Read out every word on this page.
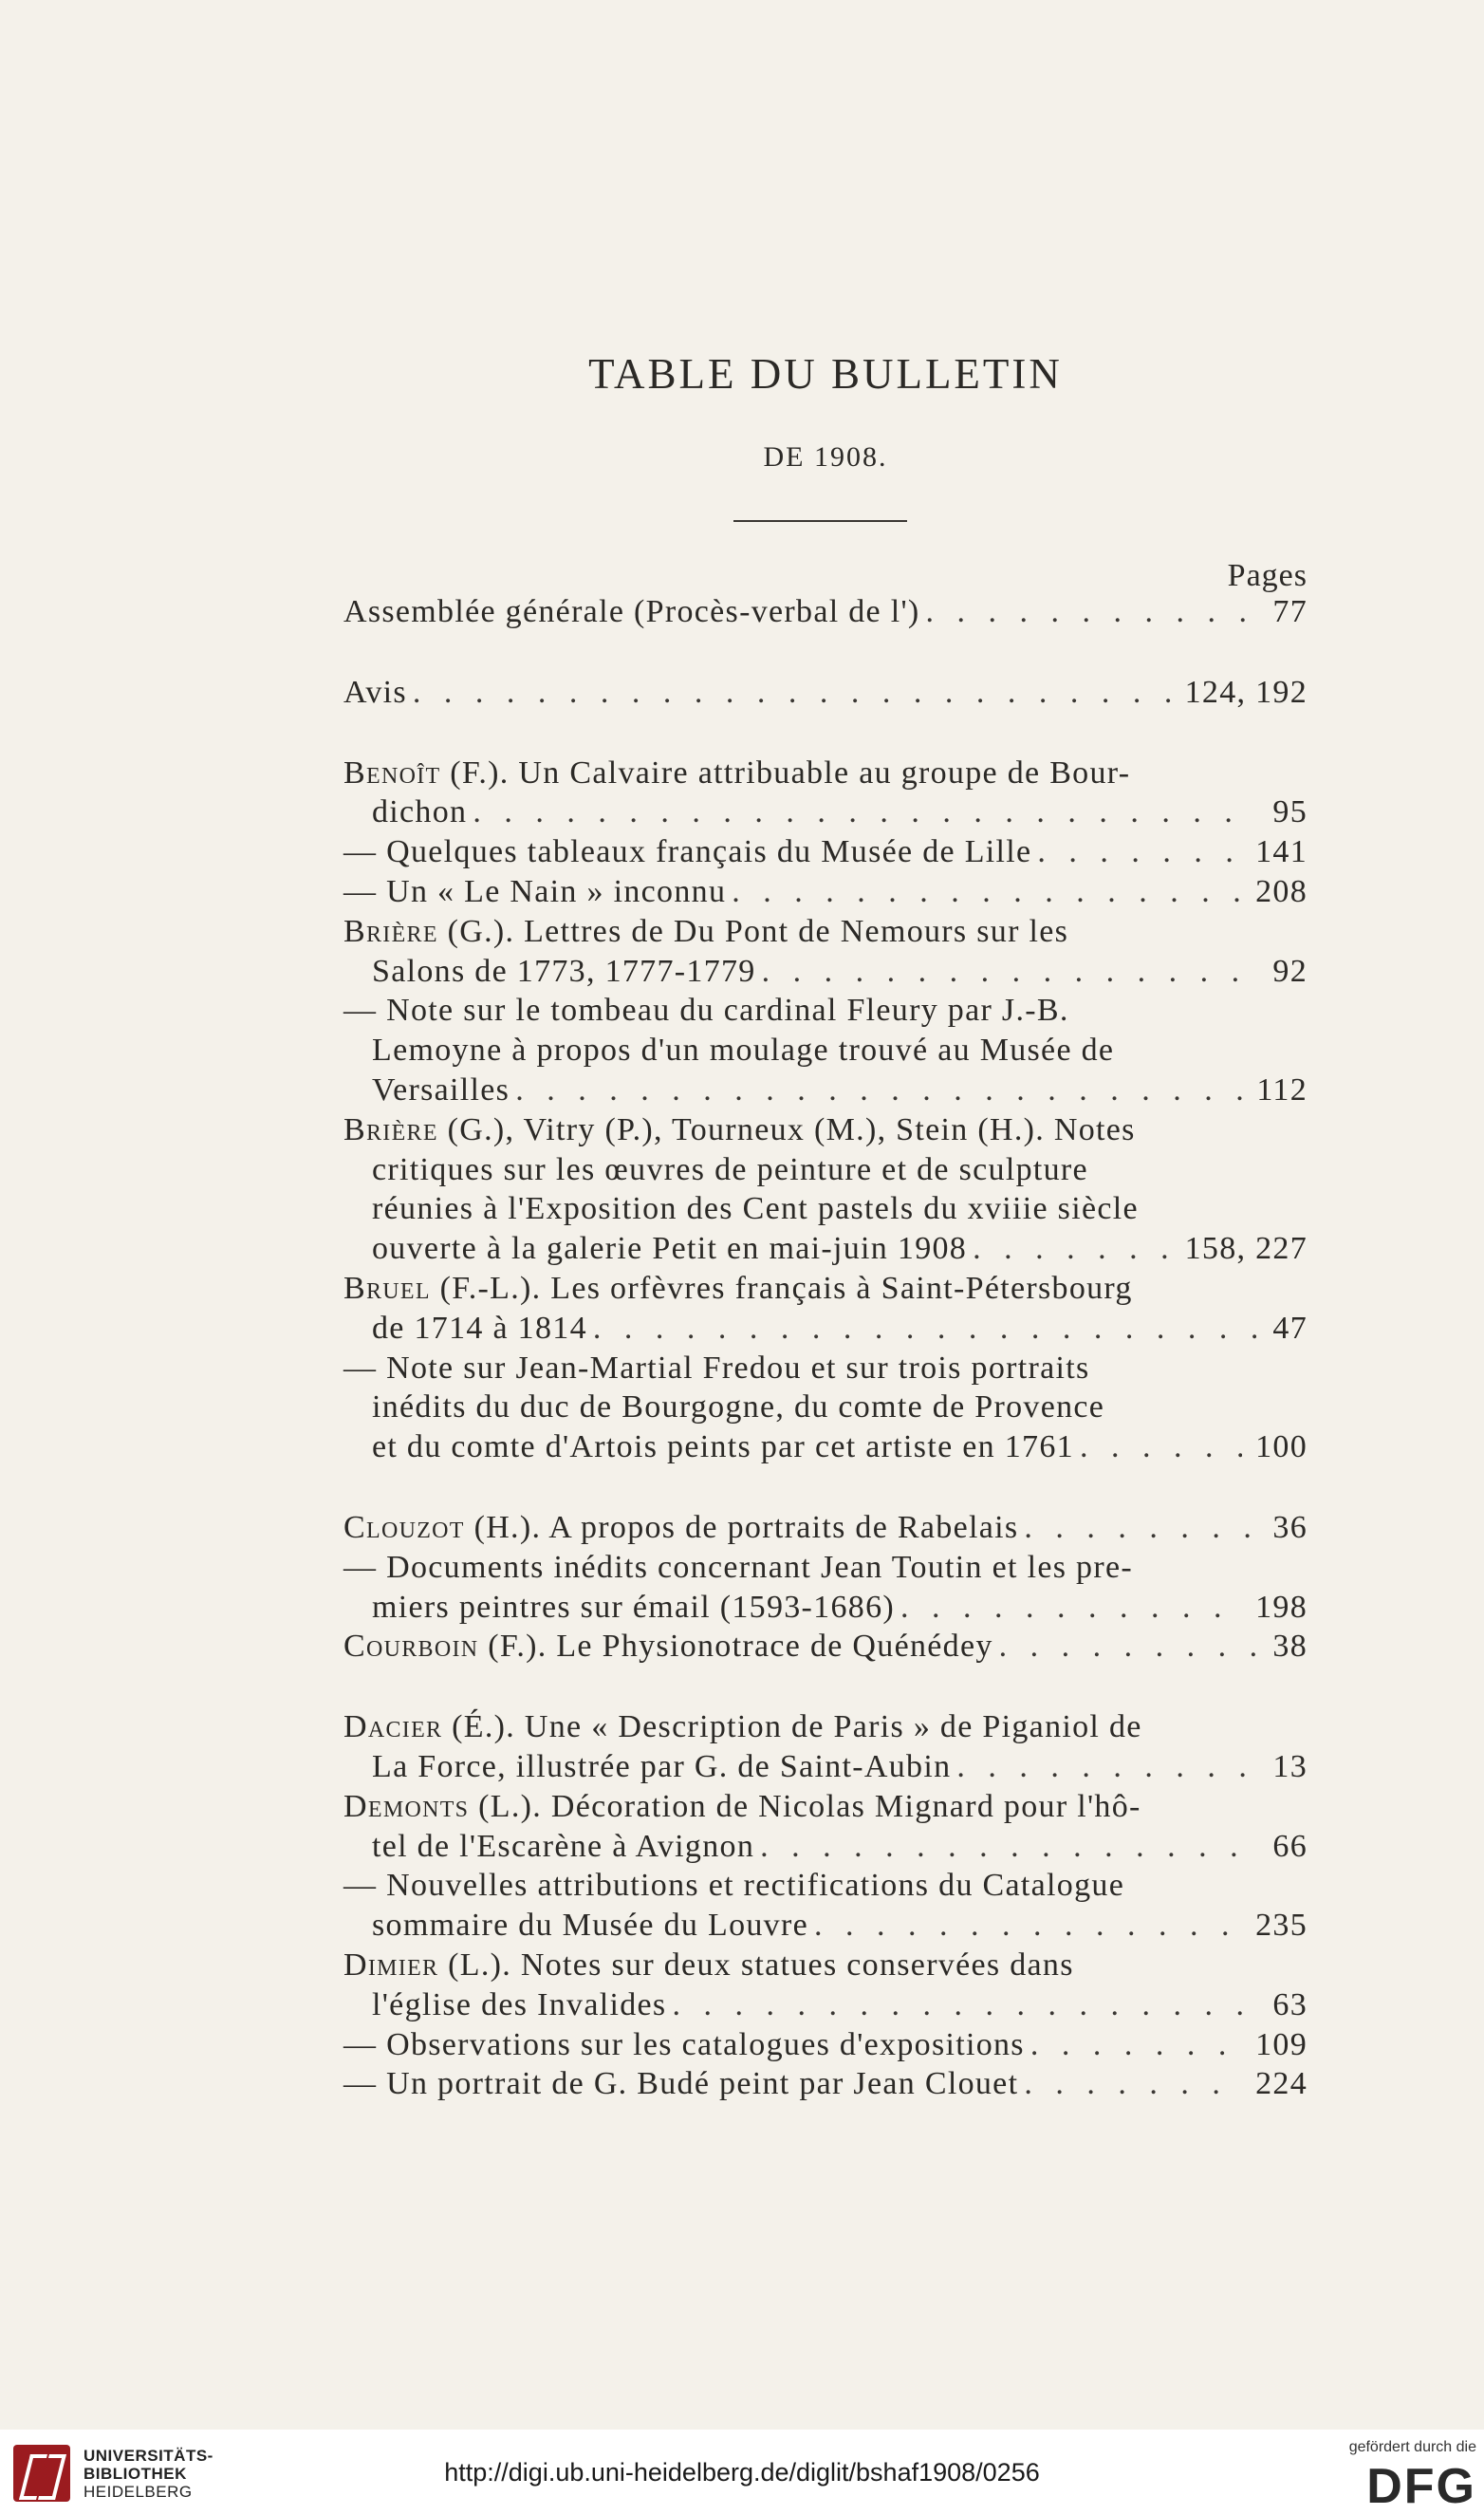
TABLE DU BULLETIN
DE 1908.
Pages
Assemblée générale (Procès-verbal de l') . . .	77
Avis . . .	124, 192
Benoît (F.). Un Calvaire attribuable au groupe de Bour-
dichon . . .	95
— Quelques tableaux français du Musée de Lille . . .	141
— Un « Le Nain » inconnu . . .	208
Brière (G.). Lettres de Du Pont de Nemours sur les
Salons de 1773, 1777-1779 . . .	92
— Note sur le tombeau du cardinal Fleury par J.-B.
Lemoyne à propos d'un moulage trouvé au Musée de
Versailles . . .	112
Brière (G.), Vitry (P.), Tourneux (M.), Stein (H.). Notes
critiques sur les œuvres de peinture et de sculpture
réunies à l'Exposition des Cent pastels du xviiie siècle
ouverte à la galerie Petit en mai-juin 1908 . . .	158, 227
Bruel (F.-L.). Les orfèvres français à Saint-Pétersbourg
de 1714 à 1814 . . .	47
— Note sur Jean-Martial Fredou et sur trois portraits
inédits du duc de Bourgogne, du comte de Provence
et du comte d'Artois peints par cet artiste en 1761 . . .	100
Clouzot (H.). A propos de portraits de Rabelais . . .	36
— Documents inédits concernant Jean Toutin et les pre-
miers peintres sur émail (1593-1686) . . .	198
Courboin (F.). Le Physionotrace de Quénédey . . .	38
Dacier (É.). Une « Description de Paris » de Piganiol de
La Force, illustrée par G. de Saint-Aubin . . .	13
Demonts (L.). Décoration de Nicolas Mignard pour l'hô-
tel de l'Escarène à Avignon . . .	66
— Nouvelles attributions et rectifications du Catalogue
sommaire du Musée du Louvre . . .	235
Dimier (L.). Notes sur deux statues conservées dans
l'église des Invalides . . .	63
— Observations sur les catalogues d'expositions . . .	109
— Un portrait de G. Budé peint par Jean Clouet . . .	224
UNIVERSITÄTS-
BIBLIOTHEK
HEIDELBERG
http://digi.ub.uni-heidelberg.de/diglit/bshaf1908/0256
gefördert durch die
DFG
